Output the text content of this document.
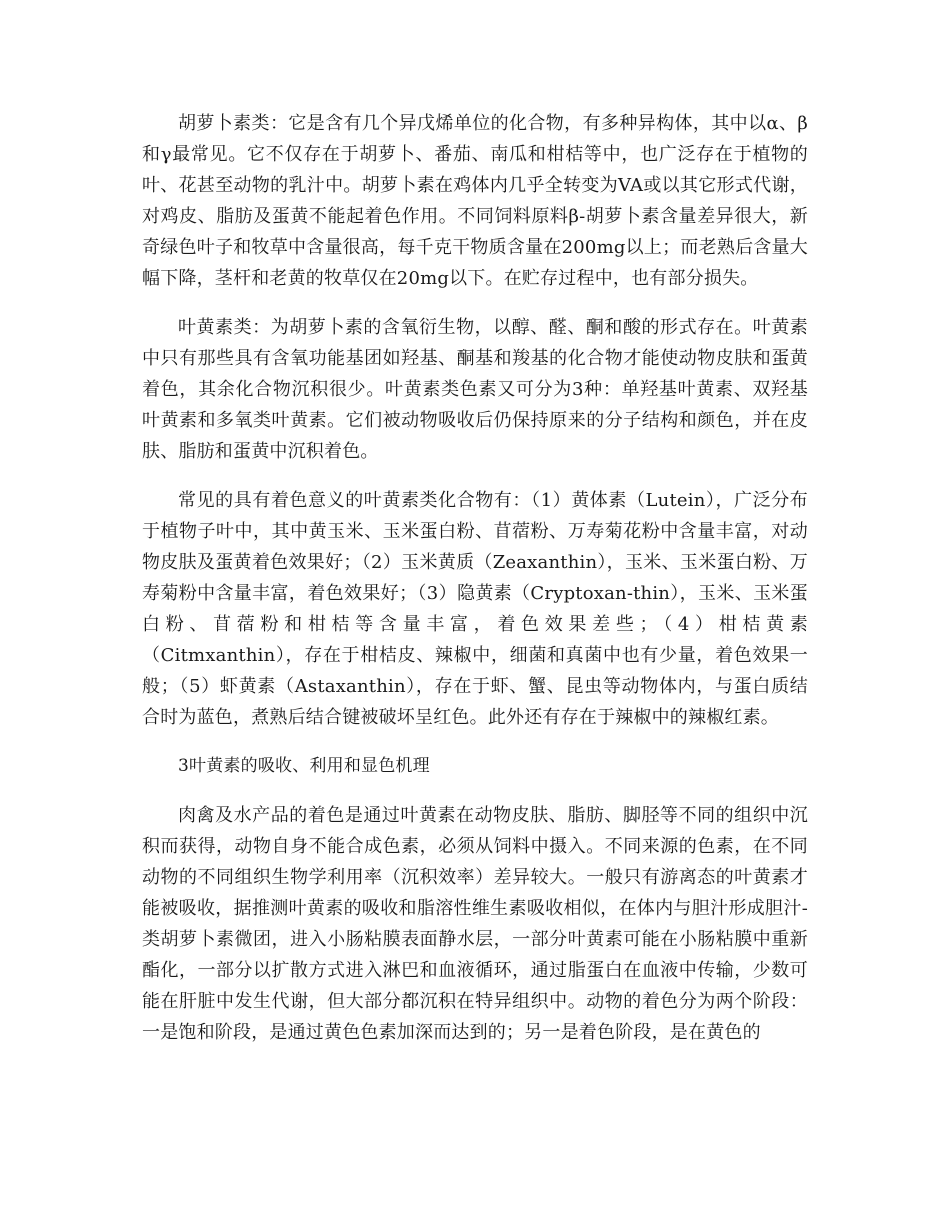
胡萝卜素类：它是含有几个异戊烯单位的化合物，有多种异构体，其中以α、β和γ最常见。它不仅存在于胡萝卜、番茄、南瓜和柑桔等中，也广泛存在于植物的叶、花甚至动物的乳汁中。胡萝卜素在鸡体内几乎全转变为VA或以其它形式代谢，对鸡皮、脂肪及蛋黄不能起着色作用。不同饲料原料β-胡萝卜素含量差异很大，新奇绿色叶子和牧草中含量很高，每千克干物质含量在200mg以上；而老熟后含量大幅下降，茎杆和老黄的牧草仅在20mg以下。在贮存过程中，也有部分损失。

叶黄素类：为胡萝卜素的含氧衍生物，以醇、醛、酮和酸的形式存在。叶黄素中只有那些具有含氧功能基团如羟基、酮基和羧基的化合物才能使动物皮肤和蛋黄着色，其余化合物沉积很少。叶黄素类色素又可分为3种：单羟基叶黄素、双羟基叶黄素和多氧类叶黄素。它们被动物吸收后仍保持原来的分子结构和颜色，并在皮肤、脂肪和蛋黄中沉积着色。

常见的具有着色意义的叶黄素类化合物有：（1）黄体素（Lutein），广泛分布于植物子叶中，其中黄玉米、玉米蛋白粉、苜蓿粉、万寿菊花粉中含量丰富，对动物皮肤及蛋黄着色效果好；（2）玉米黄质（Zeaxanthin），玉米、玉米蛋白粉、万寿菊粉中含量丰富，着色效果好；（3）隐黄素（Cryptoxan-thin），玉米、玉米蛋白粉、苜蓿粉和柑桔等含量丰富，着色效果差些；（4）柑桔黄素（Citmxanthin），存在于柑桔皮、辣椒中，细菌和真菌中也有少量，着色效果一般；（5）虾黄素（Astaxanthin），存在于虾、蟹、昆虫等动物体内，与蛋白质结合时为蓝色，煮熟后结合键被破坏呈红色。此外还有存在于辣椒中的辣椒红素。

3叶黄素的吸收、利用和显色机理

肉禽及水产品的着色是通过叶黄素在动物皮肤、脂肪、脚胫等不同的组织中沉积而获得，动物自身不能合成色素，必须从饲料中摄入。不同来源的色素，在不同动物的不同组织生物学利用率（沉积效率）差异较大。一般只有游离态的叶黄素才能被吸收，据推测叶黄素的吸收和脂溶性维生素吸收相似，在体内与胆汁形成胆汁-类胡萝卜素微团，进入小肠粘膜表面静水层，一部分叶黄素可能在小肠粘膜中重新酯化，一部分以扩散方式进入淋巴和血液循环，通过脂蛋白在血液中传输，少数可能在肝脏中发生代谢，但大部分都沉积在特异组织中。动物的着色分为两个阶段：一是饱和阶段，是通过黄色色素加深而达到的；另一是着色阶段，是在黄色的
